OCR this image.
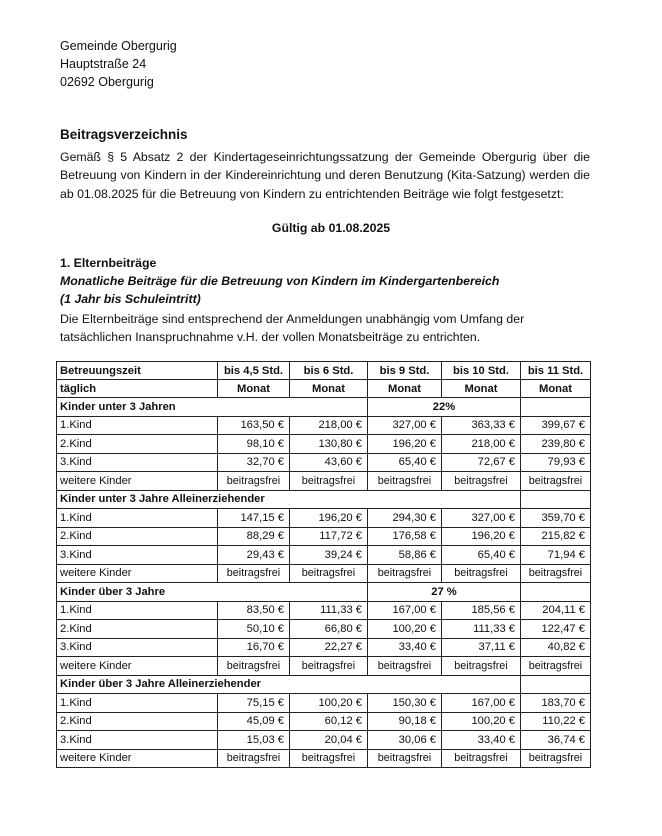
Gemeinde Obergurig
Hauptstraße 24
02692 Obergurig
Beitragsverzeichnis

Gemäß § 5 Absatz 2 der Kindertageseinrichtungssatzung der Gemeinde Obergurig über die Betreuung von Kindern in der Kindereinrichtung und deren Benutzung (Kita-Satzung) werden die ab 01.08.2025 für die Betreuung von Kindern zu entrichtenden Beiträge wie folgt festgesetzt:

Gültig ab 01.08.2025
1. Elternbeiträge
Monatliche Beiträge für die Betreuung von Kindern im Kindergartenbereich
(1 Jahr bis Schuleintritt)

Die Elternbeiträge sind entsprechend der Anmeldungen unabhängig vom Umfang der tatsächlichen Inanspruchnahme v.H. der vollen Monatsbeiträge zu entrichten.

Betreuungszeit	bis 4,5 Std.	bis 6 Std.	bis 9 Std.	bis 10 Std.	bis 11 Std.
täglich	Monat	Monat	Monat	Monat	Monat
Kinder unter 3 Jahren			22%		
1.Kind	163,50 €	218,00 €	327,00 €	363,33 €	399,67 €
2.Kind	98,10 €	130,80 €	196,20 €	218,00 €	239,80 €
3.Kind	32,70 €	43,60 €	65,40 €	72,67 €	79,93 €
weitere Kinder	beitragsfrei	beitragsfrei	beitragsfrei	beitragsfrei	beitragsfrei
Kinder unter 3 Jahre Alleinerziehender					
1.Kind	147,15 €	196,20 €	294,30 €	327,00 €	359,70 €
2.Kind	88,29 €	117,72 €	176,58 €	196,20 €	215,82 €
3.Kind	29,43 €	39,24 €	58,86 €	65,40 €	71,94 €
weitere Kinder	beitragsfrei	beitragsfrei	beitragsfrei	beitragsfrei	beitragsfrei
Kinder über 3 Jahre			27 %		
1.Kind	83,50 €	111,33 €	167,00 €	185,56 €	204,11 €
2.Kind	50,10 €	66,80 €	100,20 €	111,33 €	122,47 €
3.Kind	16,70 €	22,27 €	33,40 €	37,11 €	40,82 €
weitere Kinder	beitragsfrei	beitragsfrei	beitragsfrei	beitragsfrei	beitragsfrei
Kinder über 3 Jahre Alleinerziehender					
1.Kind	75,15 €	100,20 €	150,30 €	167,00 €	183,70 €
2.Kind	45,09 €	60,12 €	90,18 €	100,20 €	110,22 €
3.Kind	15,03 €	20,04 €	30,06 €	33,40 €	36,74 €
weitere Kinder	beitragsfrei	beitragsfrei	beitragsfrei	beitragsfrei	beitragsfrei
